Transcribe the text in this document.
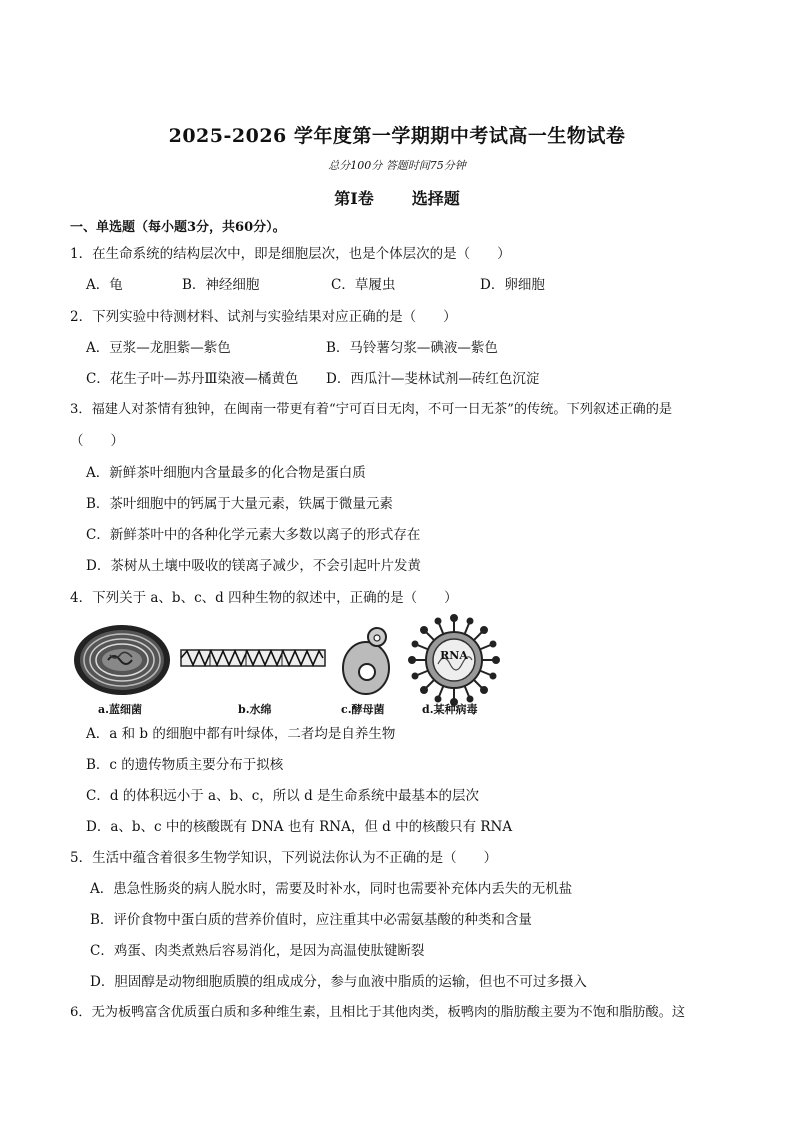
2025-2026 学年度第一学期期中考试高一生物试卷
总分100分 答题时间75分钟
第Ⅰ卷 选择题
一、单选题（每小题3分，共60分）。
1．在生命系统的结构层次中，即是细胞层次，也是个体层次的是（　　）
A．龟	B．神经细胞	C．草履虫	D．卵细胞
2．下列实验中待测材料、试剂与实验结果对应正确的是（　　）
A．豆浆—龙胆紫—紫色	B．马铃薯匀浆—碘液—紫色
C．花生子叶—苏丹Ⅲ染液—橘黄色 D．西瓜汁—斐林试剂—砖红色沉淀
3．福建人对茶情有独钟，在闽南一带更有着“宁可百日无肉，不可一日无茶”的传统。下列叙述正确的是
（　　）
A．新鲜茶叶细胞内含量最多的化合物是蛋白质
B．茶叶细胞中的钙属于大量元素，铁属于微量元素
C．新鲜茶叶中的各种化学元素大多数以离子的形式存在
D．茶树从土壤中吸收的镁离子减少，不会引起叶片发黄
4．下列关于 a、b、c、d 四种生物的叙述中，正确的是（　　）
RNA
a.蓝细菌	b.水绵	c.酵母菌	d.某种病毒
A．a 和 b 的细胞中都有叶绿体，二者均是自养生物
B．c 的遗传物质主要分布于拟核
C．d 的体积远小于 a、b、c，所以 d 是生命系统中最基本的层次
D．a、b、c 中的核酸既有 DNA 也有 RNA，但 d 中的核酸只有 RNA
5．生活中蕴含着很多生物学知识，下列说法你认为不正确的是（　　）
A．患急性肠炎的病人脱水时，需要及时补水，同时也需要补充体内丢失的无机盐
B．评价食物中蛋白质的营养价值时，应注重其中必需氨基酸的种类和含量
C．鸡蛋、肉类煮熟后容易消化，是因为高温使肽键断裂
D．胆固醇是动物细胞质膜的组成成分，参与血液中脂质的运输，但也不可过多摄入
6．无为板鸭富含优质蛋白质和多种维生素，且相比于其他肉类，板鸭肉的脂肪酸主要为不饱和脂肪酸。这
